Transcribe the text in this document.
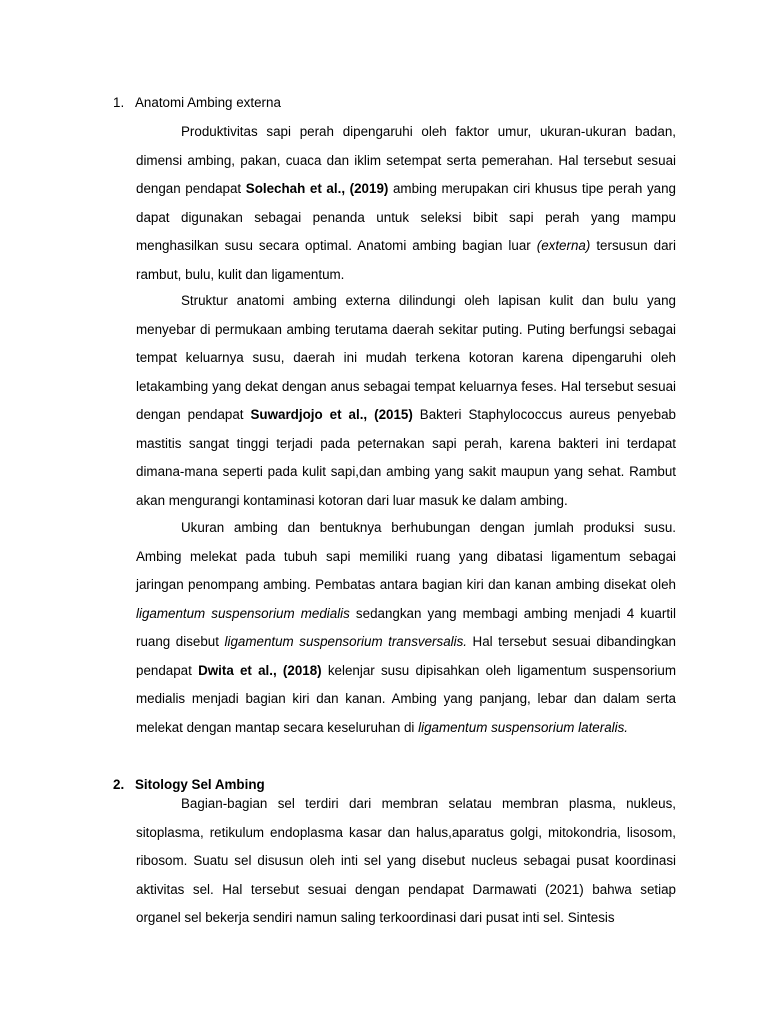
1. Anatomi Ambing externa

Produktivitas sapi perah dipengaruhi oleh faktor umur, ukuran-ukuran badan, dimensi ambing, pakan, cuaca dan iklim setempat serta pemerahan. Hal tersebut sesuai dengan pendapat Solechah et al., (2019) ambing merupakan ciri khusus tipe perah yang dapat digunakan sebagai penanda untuk seleksi bibit sapi perah yang mampu menghasilkan susu secara optimal. Anatomi ambing bagian luar (externa) tersusun dari rambut, bulu, kulit dan ligamentum.

Struktur anatomi ambing externa dilindungi oleh lapisan kulit dan bulu yang menyebar di permukaan ambing terutama daerah sekitar puting. Puting berfungsi sebagai tempat keluarnya susu, daerah ini mudah terkena kotoran karena dipengaruhi oleh letakambing yang dekat dengan anus sebagai tempat keluarnya feses. Hal tersebut sesuai dengan pendapat Suwardjojo et al., (2015) Bakteri Staphylococcus aureus penyebab mastitis sangat tinggi terjadi pada peternakan sapi perah, karena bakteri ini terdapat dimana-mana seperti pada kulit sapi,dan ambing yang sakit maupun yang sehat. Rambut akan mengurangi kontaminasi kotoran dari luar masuk ke dalam ambing.

Ukuran ambing dan bentuknya berhubungan dengan jumlah produksi susu. Ambing melekat pada tubuh sapi memiliki ruang yang dibatasi ligamentum sebagai jaringan penompang ambing. Pembatas antara bagian kiri dan kanan ambing disekat oleh ligamentum suspensorium medialis sedangkan yang membagi ambing menjadi 4 kuartil ruang disebut ligamentum suspensorium transversalis. Hal tersebut sesuai dibandingkan pendapat Dwita et al., (2018) kelenjar susu dipisahkan oleh ligamentum suspensorium medialis menjadi bagian kiri dan kanan. Ambing yang panjang, lebar dan dalam serta melekat dengan mantap secara keseluruhan di ligamentum suspensorium lateralis.

2. Sitology Sel Ambing

Bagian-bagian sel terdiri dari membran selatau membran plasma, nukleus, sitoplasma, retikulum endoplasma kasar dan halus,aparatus golgi, mitokondria, lisosom, ribosom. Suatu sel disusun oleh inti sel yang disebut nucleus sebagai pusat koordinasi aktivitas sel. Hal tersebut sesuai dengan pendapat Darmawati (2021) bahwa setiap organel sel bekerja sendiri namun saling terkoordinasi dari pusat inti sel. Sintesis
